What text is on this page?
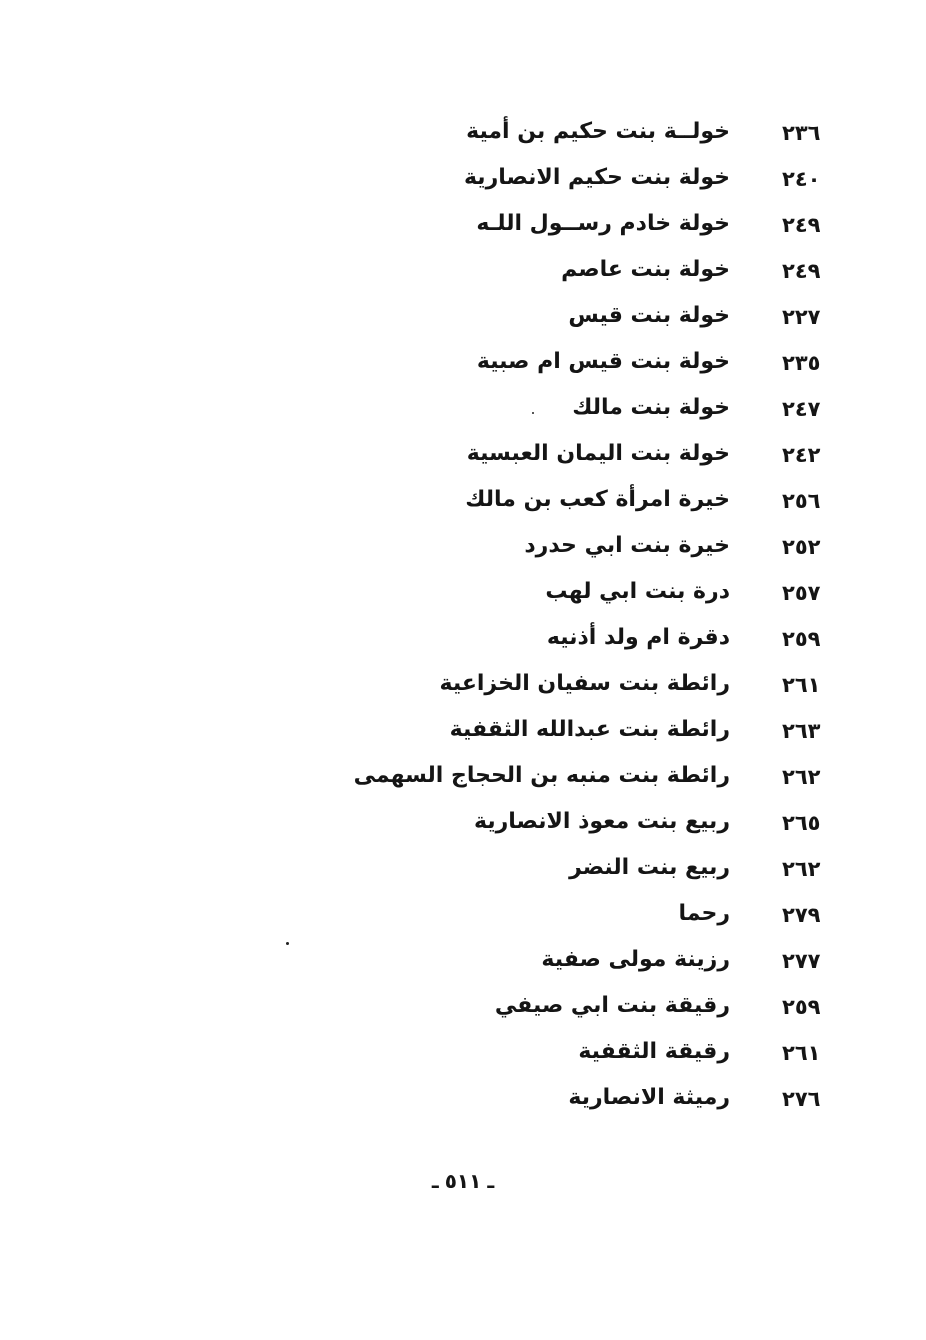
٢٣٦
خولــة بنت حكيم بن أمية
٢٤٠
خولة بنت حكيم الانصارية
٢٤٩
خولة خادم رســول اللـه
٢٤٩
خولة بنت عاصم
٢٢٧
خولة بنت قيس
٢٣٥
خولة بنت قيس ام صبية
٢٤٧
خولة بنت مالك
٢٤٢
خولة بنت اليمان العبسية
٢٥٦
خيرة امرأة كعب بن مالك
٢٥٢
خيرة بنت ابي حدرد
٢٥٧
درة بنت ابي لهب
٢٥٩
دقرة ام ولد أذنيه
٢٦١
رائطة بنت سفيان الخزاعية
٢٦٣
رائطة بنت عبدالله الثقفية
٢٦٢
رائطة بنت منبه بن الحجاج السهمى
٢٦٥
ربيع بنت معوذ الانصارية
٢٦٢
ربيع بنت النضر
٢٧٩
رحما
٢٧٧
رزينة مولى صفية
٢٥٩
رقيقة بنت ابي صيفي
٢٦١
رقيقة الثقفية
٢٧٦
رميثة الانصارية
ـ٥١١ـ
